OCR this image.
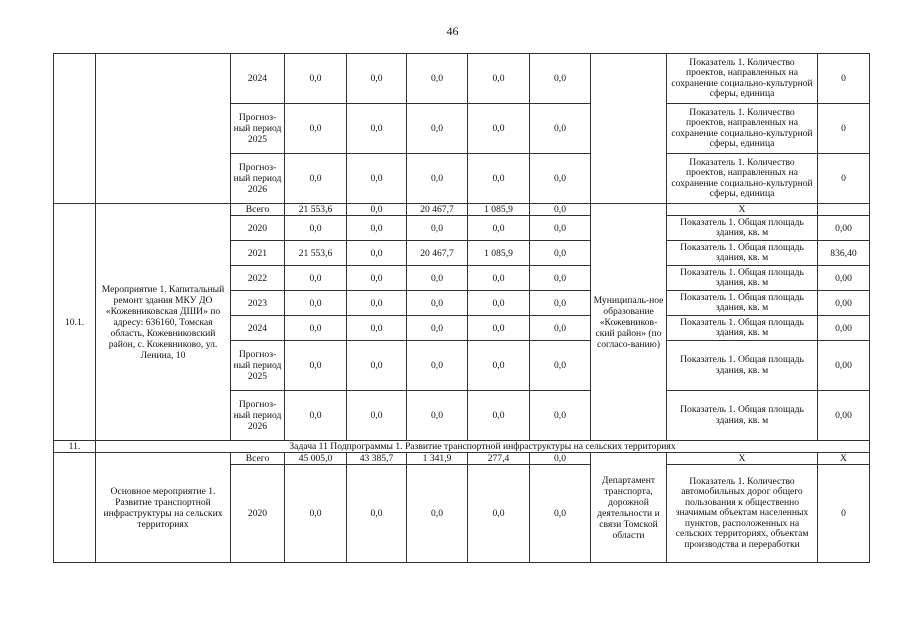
46
		2024	0,0	0,0	0,0	0,0	0,0		Показатель 1. Количество проектов, направленных на сохранение социально-культурной сферы, единица	0
		Прогноз-ный период 2025	0,0	0,0	0,0	0,0	0,0		Показатель 1. Количество проектов, направленных на сохранение социально-культурной сферы, единица	0
		Прогноз-ный период 2026	0,0	0,0	0,0	0,0	0,0		Показатель 1. Количество проектов, направленных на сохранение социально-культурной сферы, единица	0
10.1.	Мероприятие 1. Капитальный ремонт здания МКУ ДО «Кожевниковская ДШИ» по адресу: 636160, Томская область, Кожевниковский район, с. Кожевниково, ул. Ленина, 10	Всего	21 553,6	0,0	20 467,7	1 085,9	0,0	Муниципаль-ное образование «Кожевников-ский район» (по согласо-ванию)	Х	
		2020	0,0	0,0	0,0	0,0	0,0		Показатель 1. Общая площадь здания, кв. м	0,00
		2021	21 553,6	0,0	20 467,7	1 085,9	0,0		Показатель 1. Общая площадь здания, кв. м	836,40
		2022	0,0	0,0	0,0	0,0	0,0		Показатель 1. Общая площадь здания, кв. м	0,00
		2023	0,0	0,0	0,0	0,0	0,0		Показатель 1. Общая площадь здания, кв. м	0,00
		2024	0,0	0,0	0,0	0,0	0,0		Показатель 1. Общая площадь здания, кв. м	0,00
		Прогноз-ный период 2025	0,0	0,0	0,0	0,0	0,0		Показатель 1. Общая площадь здания, кв. м	0,00
		Прогноз-ный период 2026	0,0	0,0	0,0	0,0	0,0		Показатель 1. Общая площадь здания, кв. м	0,00
11.	Задача 11 Подпрограммы 1. Развитие транспортной инфраструктуры на сельских территориях									
	Основное мероприятие 1. Развитие транспортной инфраструктуры на сельских территориях	Всего	45 005,0	43 385,7	1 341,9	277,4	0,0	Департамент транспорта, дорожной деятельности и связи Томской области	Х	Х
		2020	0,0	0,0	0,0	0,0	0,0		Показатель 1. Количество автомобильных дорог общего пользования к общественно значимым объектам населенных пунктов, расположенных на сельских территориях, объектам производства и переработки	0
